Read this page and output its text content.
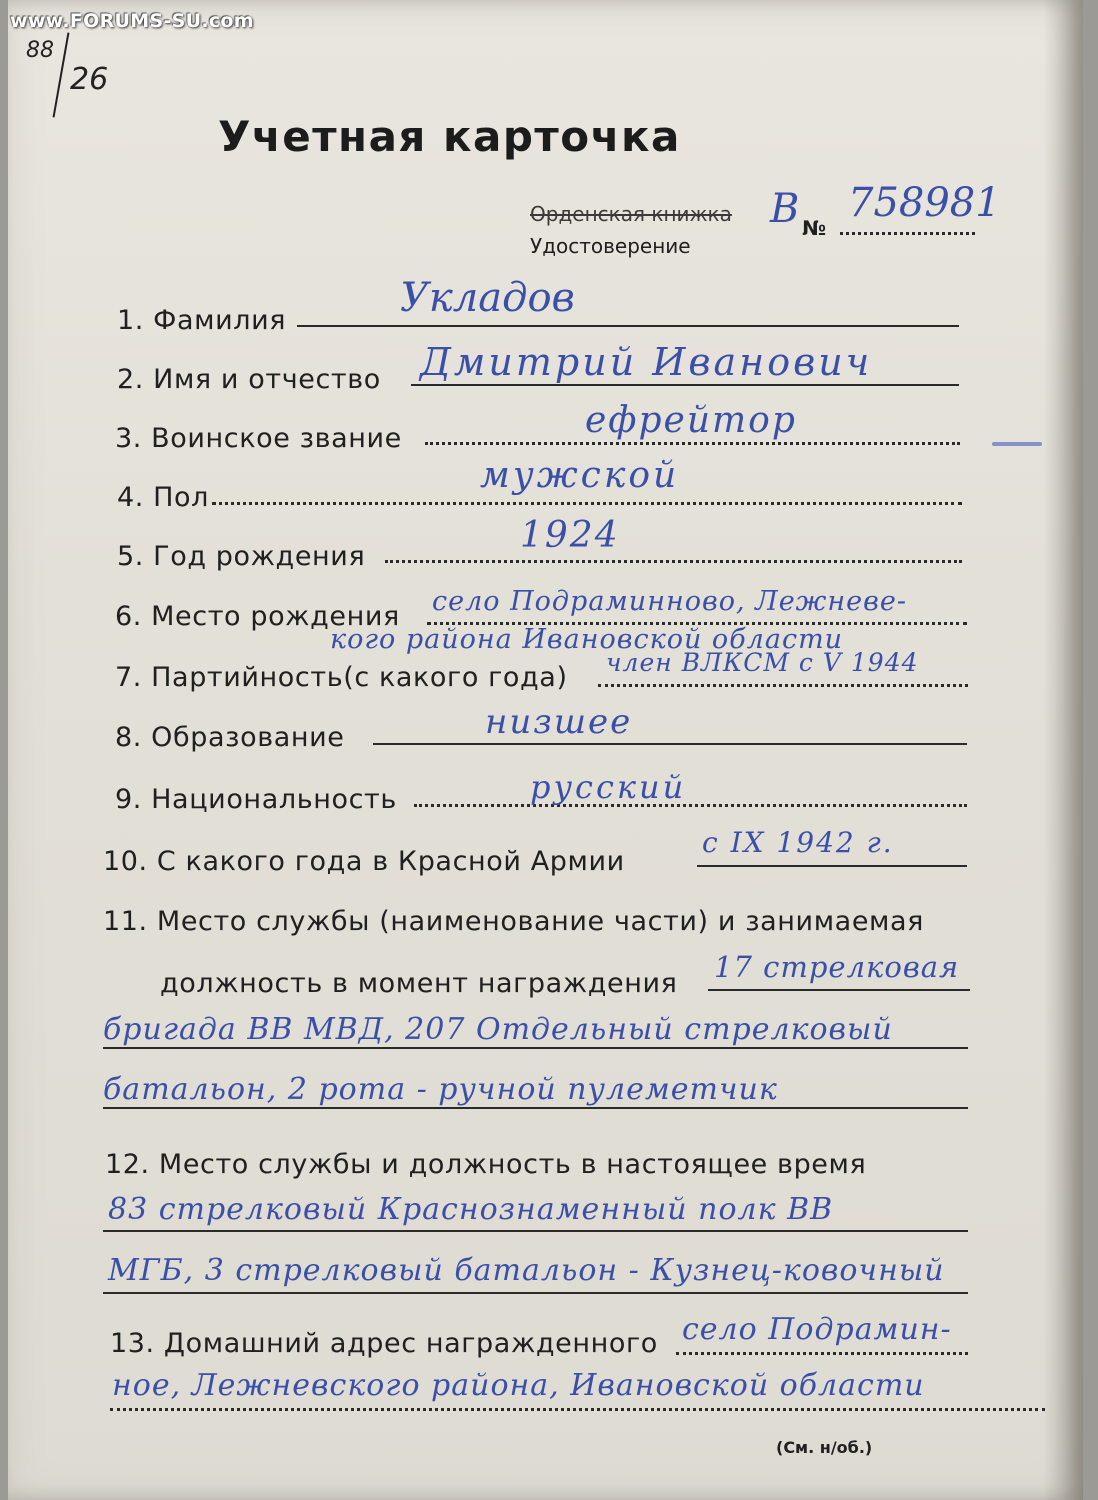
www.FORUMS-SU.com
88
26
Учетная карточка
Орденская книжка
Удостоверение
В №
758981
1. Фамилия	Укладов
2. Имя и отчество Дмитрий Иванович
3. Воинское звание	ефрейтор
4. Пол
мужской
5. Год рождения
1924
6. Место рождения село Подраминново, Лежневе-
кого района Ивановской области
7. Партийность(с какого года) член ВЛКСМ с V 1944
8. Образование	низшее
9. Национальность	русский
10. С какого года в Красной Армии
с IX 1942 г.
11. Место службы (наименование части) и занимаемая
должность в момент награждения 17 стрелковая
бригада ВВ МВД, 207 Отдельный стрелковый
батальон, 2 рота - ручной пулеметчик
12. Место службы и должность в настоящее время
83 стрелковый Краснознаменный полк ВВ
МГБ, 3 стрелковый батальон - Кузнец-ковочный
13. Домашний адрес награжденного село Подрамин-
ное, Лежневского района, Ивановской области
(См. н/об.)
